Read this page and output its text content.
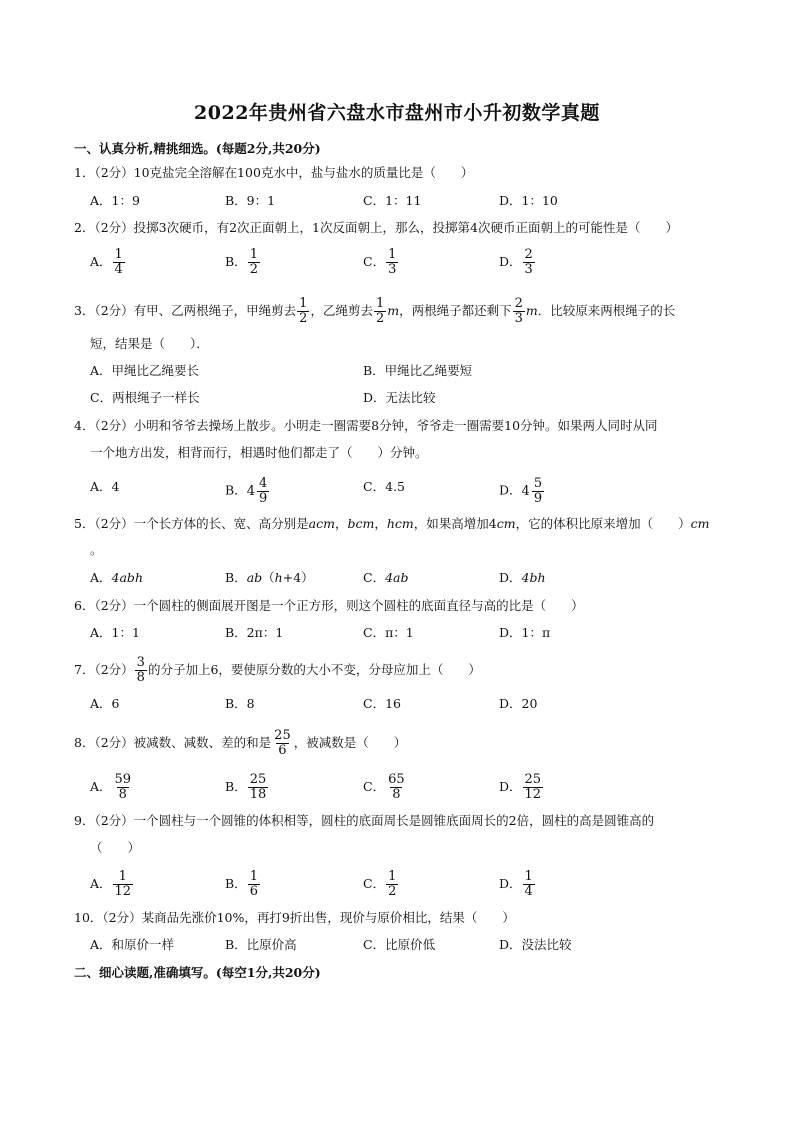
2022年贵州省六盘水市盘州市小升初数学真题
一、认真分析,精挑细选。(每题2分,共20分)
1．（2分）10克盐完全溶解在100克水中，盐与盐水的质量比是（　　）
A．1：9	B．9：1	C．1：11	D．1：10
2．（2分）投掷3次硬币，有2次正面朝上，1次反面朝上，那么，投掷第4次硬币正面朝上的可能性是（　　）
A． $\frac{1}{4}$	B． $\frac{1}{2}$	C． $\frac{1}{3}$	D． $\frac{2}{3}$
3．（2分）有甲、乙两根绳子，甲绳剪去 $\frac{1}{2}$ ，乙绳剪去 $\frac{1}{2}$ m，两根绳子都还剩下 $\frac{2}{3}$ m．比较原来两根绳子的长
短，结果是（　　）．
A．甲绳比乙绳要长	B．甲绳比乙绳要短
C．两根绳子一样长	D．无法比较
4．（2分）小明和爷爷去操场上散步。小明走一圈需要8分钟，爷爷走一圈需要10分钟。如果两人同时从同
一个地方出发，相背而行，相遇时他们都走了（　　）分钟。
A．4	B． $4 \frac{4}{9}$	C．4.5	D． $4 \frac{5}{9}$
5．（2分）一个长方体的长、宽、高分别是acm，bcm，hcm，如果高增加4cm，它的体积比原来增加（　　）cm
。
A．4abh	B．ab（h+4）	C．4ab	D．4bh
6．（2分）一个圆柱的侧面展开图是一个正方形，则这个圆柱的底面直径与高的比是（　　）
A．1：1	B．2π：1	C．π：1	D．1：π
7．（2分） $\frac{3}{8}$ 的分子加上6，要使原分数的大小不变，分母应加上（　　）
A．6	B．8	C．16	D．20
8．（2分）被减数、减数、差的和是 $\frac{25}{6}$ ，被减数是（　　）
A． $\frac{59}{8}$	B． $\frac{25}{18}$	C． $\frac{65}{8}$	D． $\frac{25}{12}$
9．（2分）一个圆柱与一个圆锥的体积相等，圆柱的底面周长是圆锥底面周长的2倍，圆柱的高是圆锥高的
（　　）
A． $\frac{1}{12}$	B． $\frac{1}{6}$	C． $\frac{1}{2}$	D． $\frac{1}{4}$
10．（2分）某商品先涨价10%，再打9折出售，现价与原价相比，结果（　　）
A．和原价一样	B．比原价高	C．比原价低	D．没法比较
二、细心读题,准确填写。(每空1分,共20分)
